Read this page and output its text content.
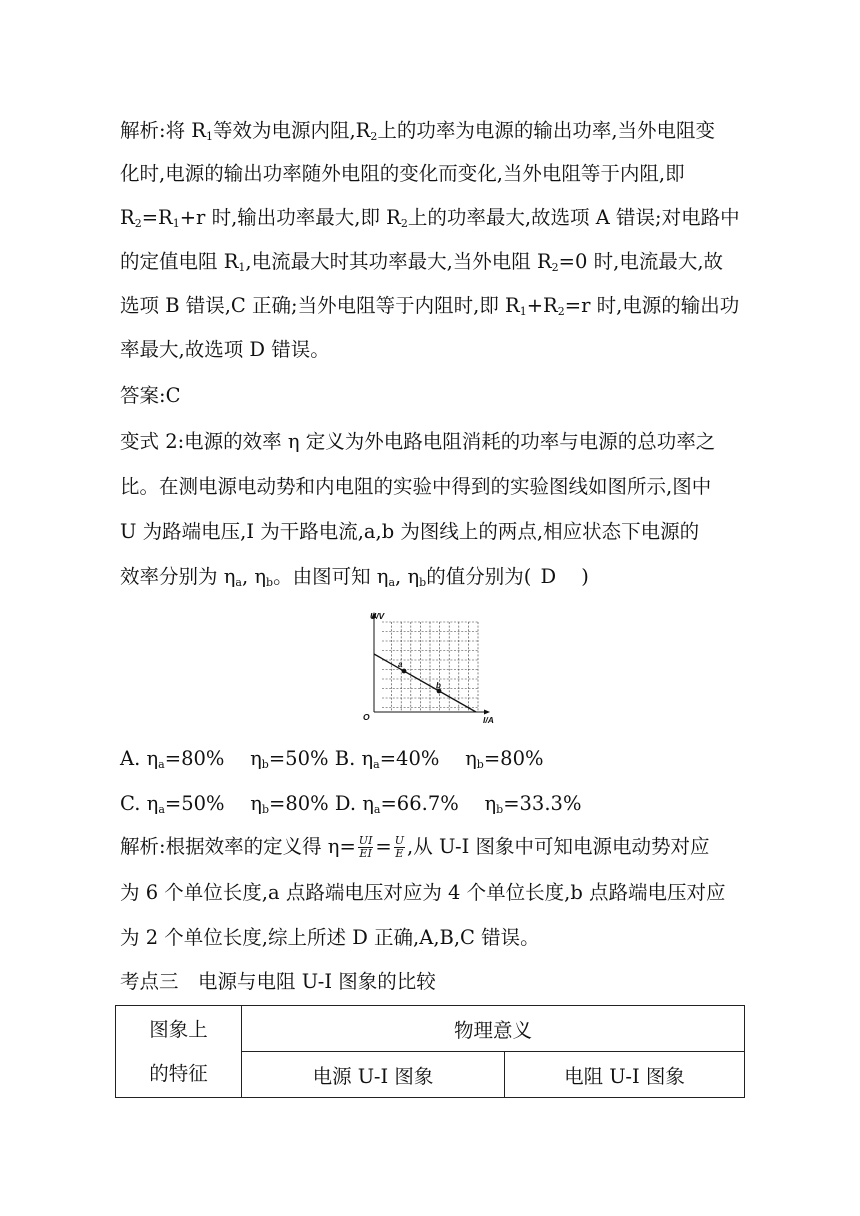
解析:将 $R_1$等效为电源内阻$,R_2$上的功率为电源的输出功率,当外电阻变
化时,电源的输出功率随外电阻的变化而变化,当外电阻等于内阻,即
$R_2=R_1+r$ 时,输出功率最大,即 $R_2$上的功率最大,故选项 A 错误;对电路中
的定值电阻 $R_1$,电流最大时其功率最大,当外电阻 $R_2=0$ 时,电流最大,故
选项 B 错误,C 正确;当外电阻等于内阻时,即 $R_1+R_2=r$ 时,电源的输出功
率最大,故选项 D 错误。
答案:C
变式 2:电源的效率 η 定义为外电路电阻消耗的功率与电源的总功率之
比。在测电源电动势和内电阻的实验中得到的实验图线如图所示,图中
U 为路端电压,I 为干路电流,a,b 为图线上的两点,相应状态下电源的
效率分别为 $\eta_a$, $\eta_b$。由图可知 $\eta_a$, $\eta_b$的值分别为( D )
U/V
I/A
O
a
b
A. $\eta_a=80\%$　 $\eta_b=50\%$ B. $\eta_a=40\%$　 $\eta_b=80\%$
C. $\eta_a=50\%$　 $\eta_b=80\%$ D. $\eta_a=66.7\%$　 $\eta_b=33.3\%$
解析:根据效率的定义得 $\eta= \frac{UI}{EI} = \frac{U}{E}$ ,从 U-I 图象中可知电源电动势对应
为 6 个单位长度,a 点路端电压对应为 4 个单位长度,b 点路端电压对应
为 2 个单位长度,综上所述 D 正确,A,B,C 错误。
考点三　电源与电阻 U-I 图象的比较
图象上
的特征	物理意义	
	电源 U-I 图象	电阻 U-I 图象
